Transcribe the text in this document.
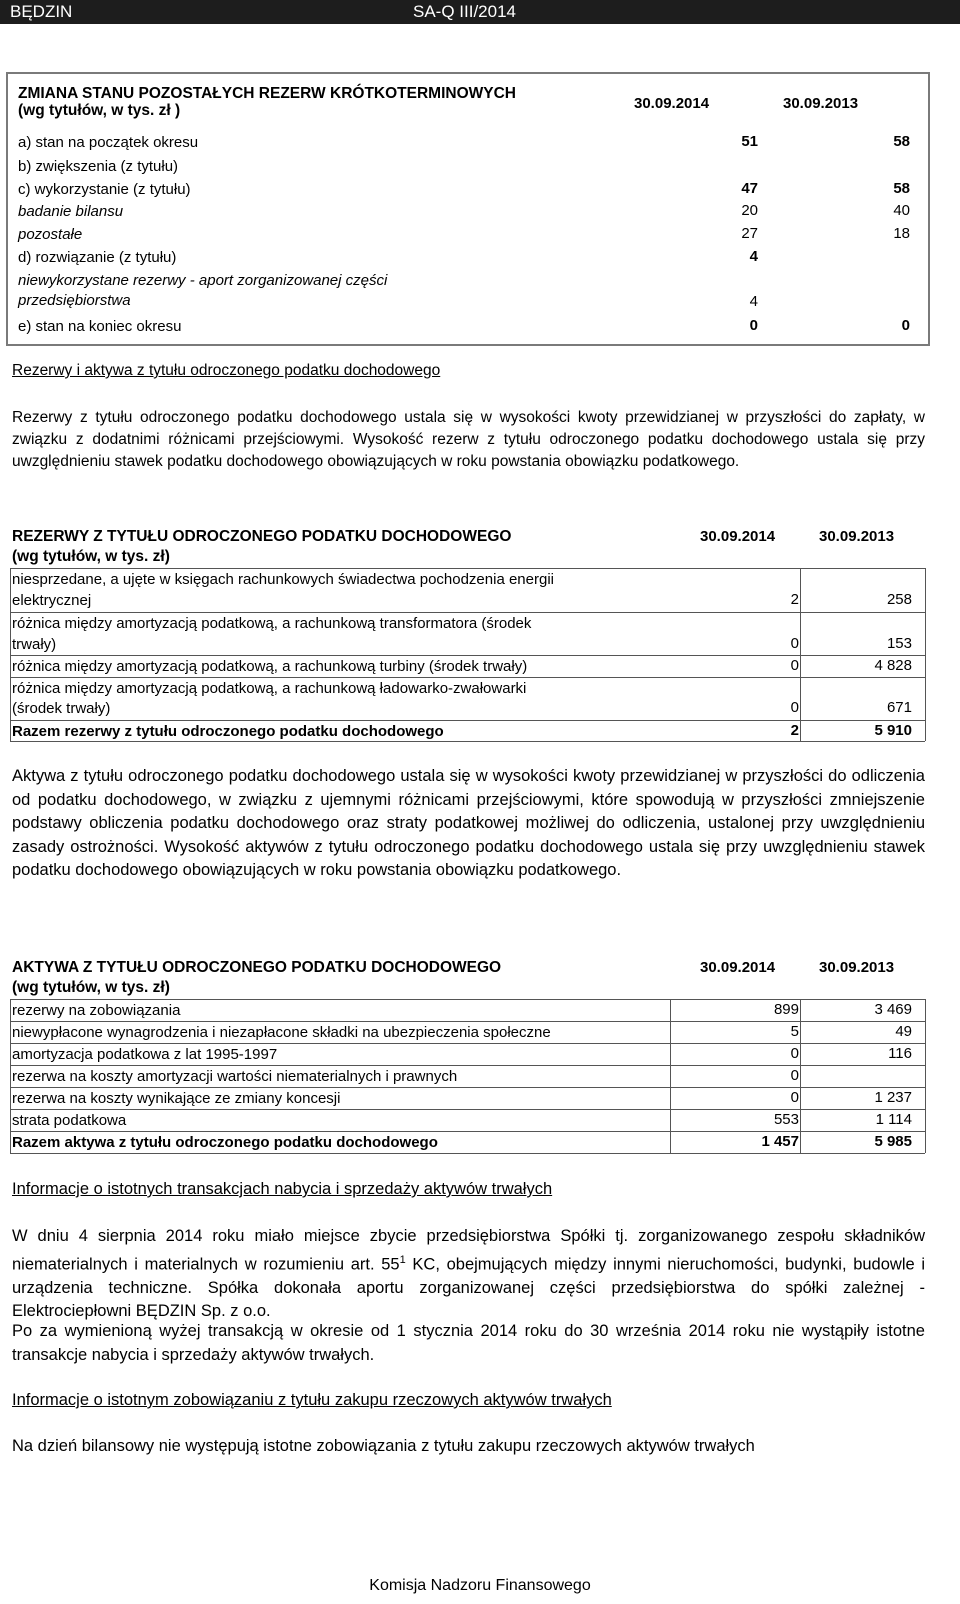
BĘDZIN	SA-Q III/2014
ZMIANA STANU POZOSTAŁYCH REZERW KRÓTKOTERMINOWYCH
(wg tytułów, w tys. zł )	30.09.2014	30.09.2013
a) stan na początek okresu	51	58
b) zwiększenia (z tytułu)
c) wykorzystanie (z tytułu)	47	58
badanie bilansu	20	40
pozostałe	27	18
d) rozwiązanie (z tytułu)	4
niewykorzystane rezerwy - aport zorganizowanej części
przedsiębiorstwa	4
e) stan na koniec okresu	0	0
Rezerwy i aktywa z tytułu odroczonego podatku dochodowego
Rezerwy z tytułu odroczonego podatku dochodowego ustala się w wysokości kwoty przewidzianej w przyszłości do zapłaty, w związku z dodatnimi różnicami przejściowymi. Wysokość rezerw z tytułu odroczonego podatku dochodowego ustala się przy uwzględnieniu stawek podatku dochodowego obowiązujących w roku powstania obowiązku podatkowego.
REZERWY Z TYTUŁU ODROCZONEGO PODATKU DOCHODOWEGO
(wg tytułów, w tys. zł)
30.09.2014	30.09.2013
niesprzedane, a ujęte w księgach rachunkowych świadectwa pochodzenia energii
elektrycznej	2	258
różnica między amortyzacją podatkową, a rachunkową transformatora (środek
trwały)	0	153
różnica między amortyzacją podatkową, a rachunkową turbiny (środek trwały)	0	4 828
różnica między amortyzacją podatkową, a rachunkową ładowarko-zwałowarki
(środek trwały)	0	671
Razem rezerwy z tytułu odroczonego podatku dochodowego	2	5 910
Aktywa z tytułu odroczonego podatku dochodowego ustala się w wysokości kwoty przewidzianej w przyszłości do odliczenia od podatku dochodowego, w związku z ujemnymi różnicami przejściowymi, które spowodują w przyszłości zmniejszenie podstawy obliczenia podatku dochodowego oraz straty podatkowej możliwej do odliczenia, ustalonej przy uwzględnieniu zasady ostrożności. Wysokość aktywów z tytułu odroczonego podatku dochodowego ustala się przy uwzględnieniu stawek podatku dochodowego obowiązujących w roku powstania obowiązku podatkowego.
AKTYWA Z TYTUŁU ODROCZONEGO PODATKU DOCHODOWEGO
(wg tytułów, w tys. zł)
30.09.2014	30.09.2013
rezerwy na zobowiązania	899	3 469
niewypłacone wynagrodzenia i niezapłacone składki na ubezpieczenia społeczne	5	49
amortyzacja podatkowa z lat 1995-1997	0	116
rezerwa na koszty amortyzacji wartości niematerialnych i prawnych	0
rezerwa na koszty wynikające ze zmiany koncesji	0	1 237
strata podatkowa	553	1 114
Razem aktywa z tytułu odroczonego podatku dochodowego	1 457	5 985
Informacje o istotnych transakcjach nabycia i sprzedaży aktywów trwałych
W dniu 4 sierpnia 2014 roku miało miejsce zbycie przedsiębiorstwa Spółki tj. zorganizowanego zespołu składników niematerialnych i materialnych w rozumieniu art. $55^1$ KC, obejmujących między innymi nieruchomości, budynki, budowle i urządzenia techniczne. Spółka dokonała aportu zorganizowanej części przedsiębiorstwa do spółki zależnej - Elektrociepłowni BĘDZIN Sp. z o.o.
Po za wymienioną wyżej transakcją w okresie od 1 stycznia 2014 roku do 30 września 2014 roku nie wystąpiły istotne transakcje nabycia i sprzedaży aktywów trwałych.
Informacje o istotnym zobowiązaniu z tytułu zakupu rzeczowych aktywów trwałych
Na dzień bilansowy nie występują istotne zobowiązania z tytułu zakupu rzeczowych aktywów trwałych
Komisja Nadzoru Finansowego
